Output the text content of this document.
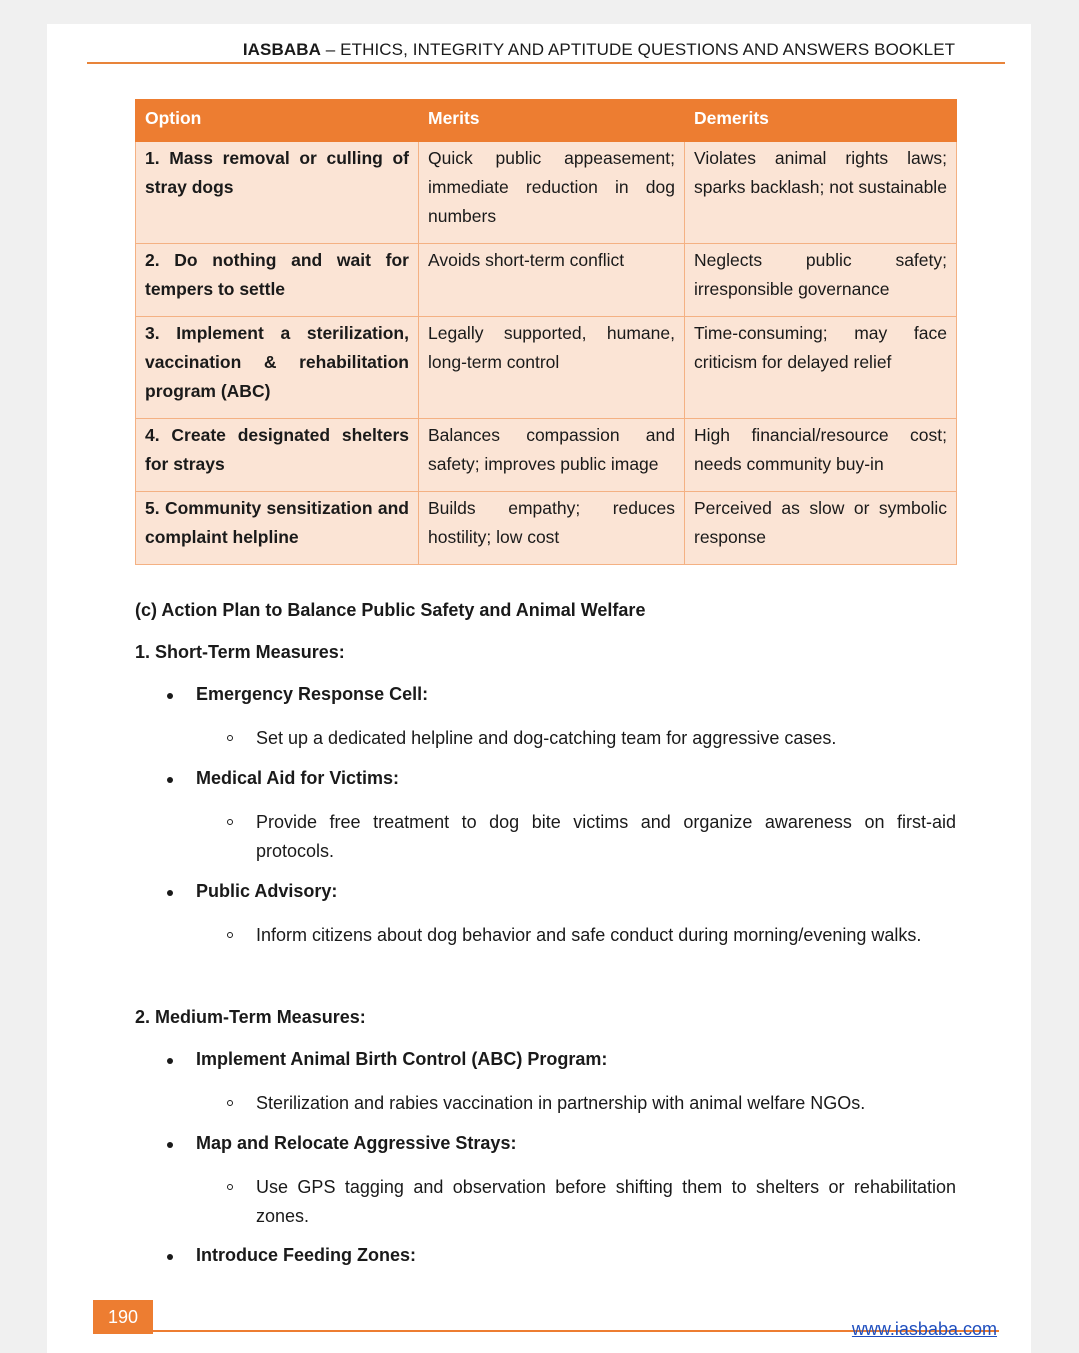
IASBABA – ETHICS, INTEGRITY AND APTITUDE QUESTIONS AND ANSWERS BOOKLET
Option	Merits	Demerits
1. Mass removal or culling of stray dogs	Quick public appeasement; immediate reduction in dog numbers	Violates animal rights laws; sparks backlash; not sustainable
2. Do nothing and wait for tempers to settle	Avoids short-term conflict	Neglects public safety; irresponsible governance
3. Implement a sterilization, vaccination & rehabilitation program (ABC)	Legally supported, humane, long-term control	Time-consuming; may face criticism for delayed relief
4. Create designated shelters for strays	Balances compassion and safety; improves public image	High financial/resource cost; needs community buy-in
5. Community sensitization and complaint helpline	Builds empathy; reduces hostility; low cost	Perceived as slow or symbolic response
(c) Action Plan to Balance Public Safety and Animal Welfare
1. Short-Term Measures:
Emergency Response Cell:
Set up a dedicated helpline and dog-catching team for aggressive cases.
Medical Aid for Victims:
Provide free treatment to dog bite victims and organize awareness on first-aid protocols.
Public Advisory:
Inform citizens about dog behavior and safe conduct during morning/evening walks.
2. Medium-Term Measures:
Implement Animal Birth Control (ABC) Program:
Sterilization and rabies vaccination in partnership with animal welfare NGOs.
Map and Relocate Aggressive Strays:
Use GPS tagging and observation before shifting them to shelters or rehabilitation zones.
Introduce Feeding Zones:
190
www.iasbaba.com
